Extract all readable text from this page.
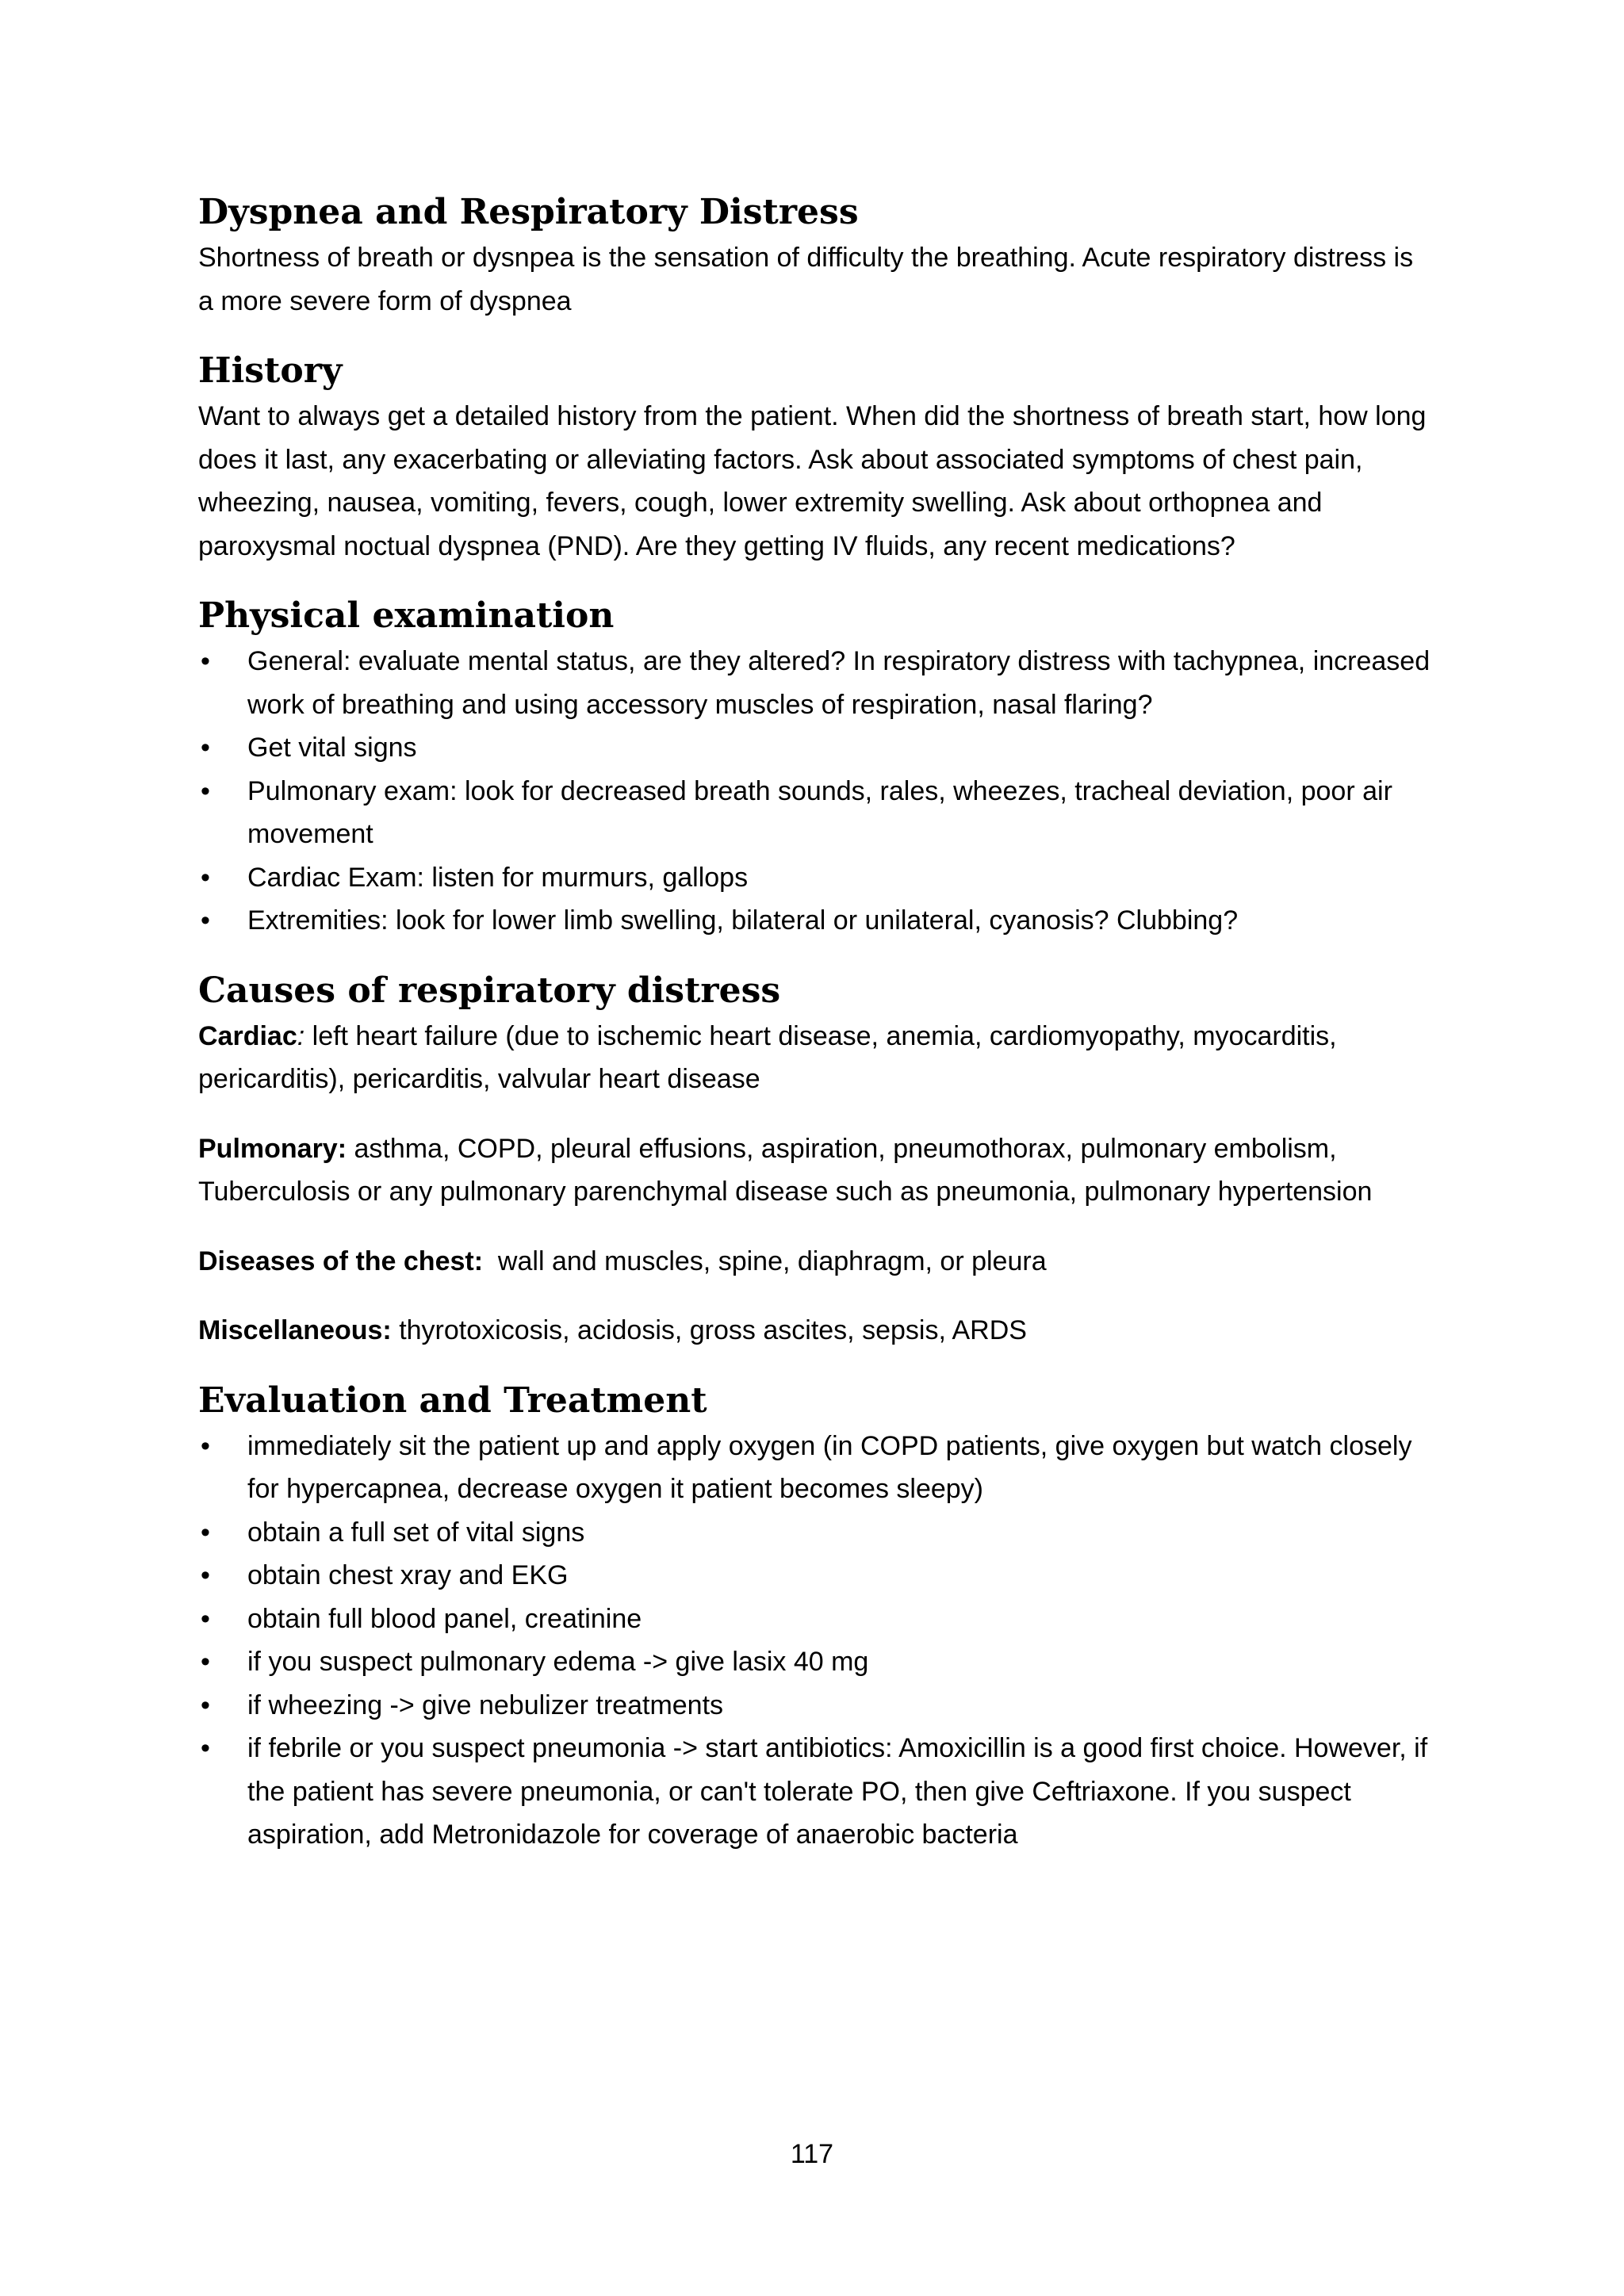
Dyspnea and Respiratory Distress

Shortness of breath or dysnpea is the sensation of difficulty the breathing. Acute respiratory distress is a more severe form of dyspnea

History

Want to always get a detailed history from the patient. When did the shortness of breath start, how long does it last, any exacerbating or alleviating factors. Ask about associated symptoms of chest pain, wheezing, nausea, vomiting, fevers, cough, lower extremity swelling. Ask about orthopnea and paroxysmal noctual dyspnea (PND). Are they getting IV fluids, any recent medications?

Physical examination
• General: evaluate mental status, are they altered? In respiratory distress with tachypnea, increased work of breathing and using accessory muscles of respiration, nasal flaring?
• Get vital signs
• Pulmonary exam: look for decreased breath sounds, rales, wheezes, tracheal deviation, poor air movement
• Cardiac Exam: listen for murmurs, gallops
• Extremities: look for lower limb swelling, bilateral or unilateral, cyanosis? Clubbing?
Causes of respiratory distress

Cardiac: left heart failure (due to ischemic heart disease, anemia, cardiomyopathy, myocarditis, pericarditis), pericarditis, valvular heart disease

Pulmonary: asthma, COPD, pleural effusions, aspiration, pneumothorax, pulmonary embolism, Tuberculosis or any pulmonary parenchymal disease such as pneumonia, pulmonary hypertension

Diseases of the chest:  wall and muscles, spine, diaphragm, or pleura

Miscellaneous: thyrotoxicosis, acidosis, gross ascites, sepsis, ARDS

Evaluation and Treatment
• immediately sit the patient up and apply oxygen (in COPD patients, give oxygen but watch closely for hypercapnea, decrease oxygen it patient becomes sleepy)
• obtain a full set of vital signs
• obtain chest xray and EKG
• obtain full blood panel, creatinine
• if you suspect pulmonary edema -> give lasix 40 mg
• if wheezing -> give nebulizer treatments
• if febrile or you suspect pneumonia -> start antibiotics: Amoxicillin is a good first choice. However, if the patient has severe pneumonia, or can't tolerate PO, then give Ceftriaxone. If you suspect aspiration, add Metronidazole for coverage of anaerobic bacteria
117
